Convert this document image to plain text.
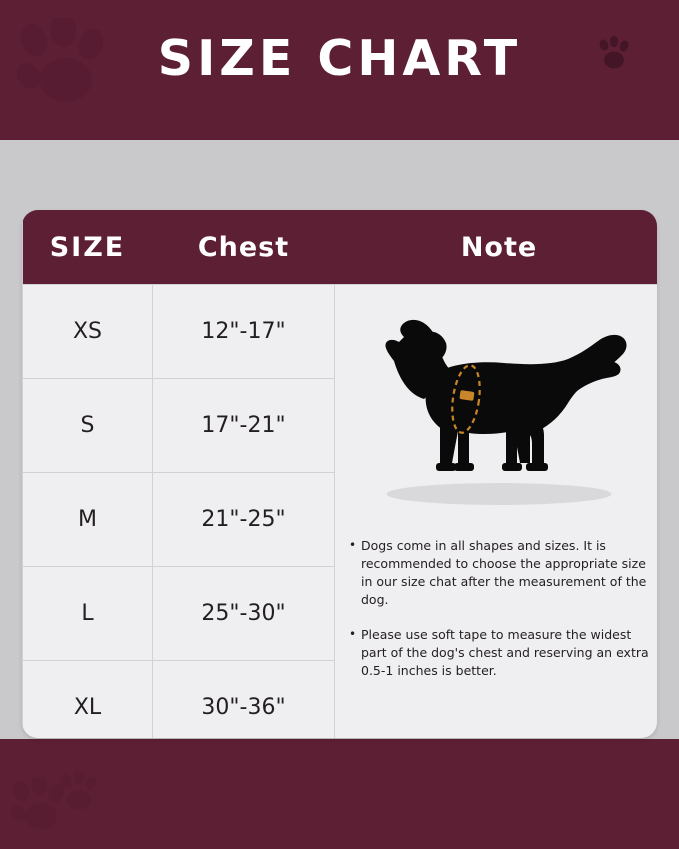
SIZE CHART
SIZE	Chest	Note
XS	12"-17"	• Dogs come in all shapes and sizes. It is recommended to choose the appropriate size in our size chat after the measurement of the dog.
• Please use soft tape to measure the widest part of the dog's chest and reserving an extra 0.5-1 inches is better.

S	17"-21"	
M	21"-25"	
L	25"-30"	
XL	30"-36"	
